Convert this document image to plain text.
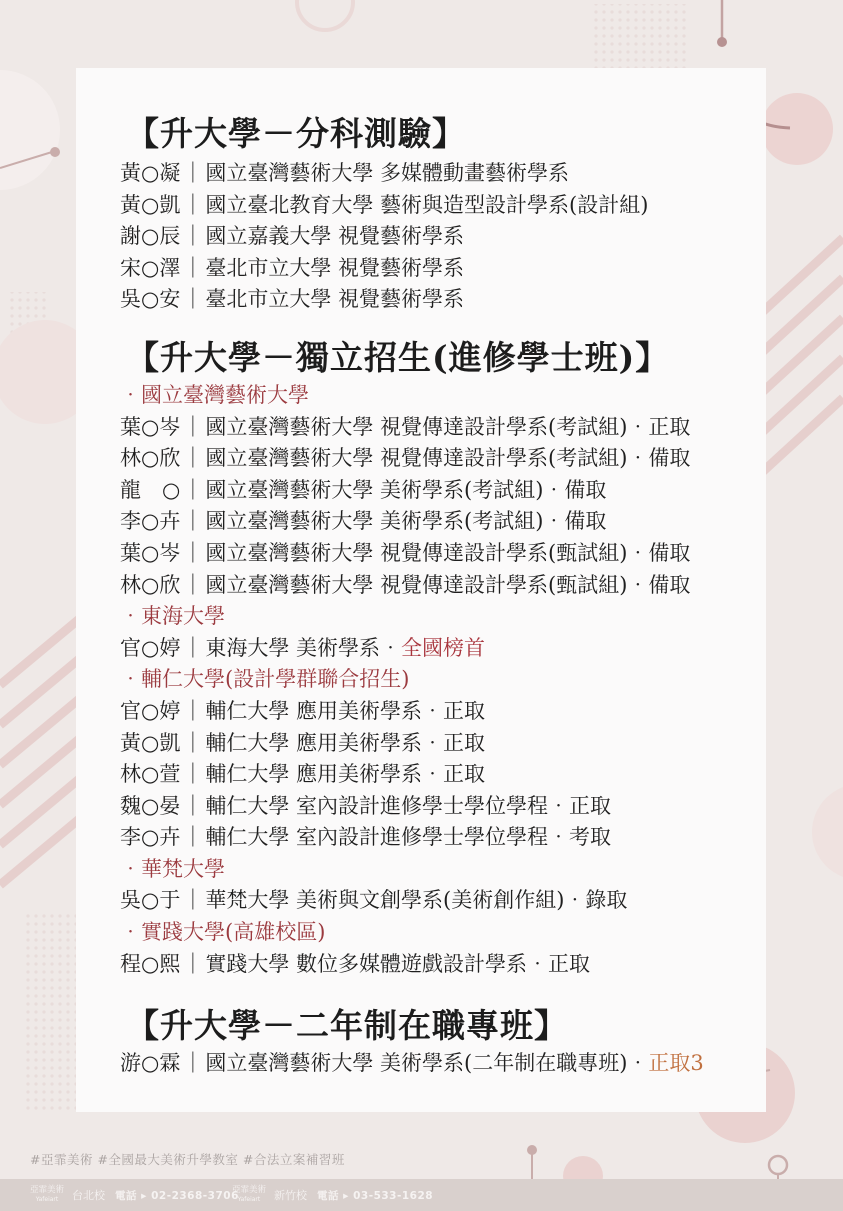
【升大學－分科測驗】
黃○凝｜國立臺灣藝術大學 多媒體動畫藝術學系
黃○凱｜國立臺北教育大學 藝術與造型設計學系(設計組)
謝○辰｜國立嘉義大學 視覺藝術學系
宋○澤｜臺北市立大學 視覺藝術學系
吳○安｜臺北市立大學 視覺藝術學系
【升大學－獨立招生(進修學士班)】
‧國立臺灣藝術大學
葉○岑｜國立臺灣藝術大學 視覺傳達設計學系(考試組)‧正取
林○欣｜國立臺灣藝術大學 視覺傳達設計學系(考試組)‧備取
龍　○｜國立臺灣藝術大學 美術學系(考試組)‧備取
李○卉｜國立臺灣藝術大學 美術學系(考試組)‧備取
葉○岑｜國立臺灣藝術大學 視覺傳達設計學系(甄試組)‧備取
林○欣｜國立臺灣藝術大學 視覺傳達設計學系(甄試組)‧備取
‧東海大學
官○婷｜東海大學 美術學系‧全國榜首
‧輔仁大學(設計學群聯合招生)
官○婷｜輔仁大學 應用美術學系‧正取
黃○凱｜輔仁大學 應用美術學系‧正取
林○萱｜輔仁大學 應用美術學系‧正取
魏○晏｜輔仁大學 室內設計進修學士學位學程‧正取
李○卉｜輔仁大學 室內設計進修學士學位學程‧考取
‧華梵大學
吳○于｜華梵大學 美術與文創學系(美術創作組)‧錄取
‧實踐大學(高雄校區)
程○熙｜實踐大學 數位多媒體遊戲設計學系‧正取
【升大學－二年制在職專班】
游○霖｜國立臺灣藝術大學 美術學系(二年制在職專班)‧正取3
#亞霏美術 #全國最大美術升學教室 #合法立案補習班
亞霏美術
Yafeiart 台北校 電話 ▸ 02-2368-3706
亞霏美術
Yafeiart 新竹校 電話 ▸ 03-533-1628
